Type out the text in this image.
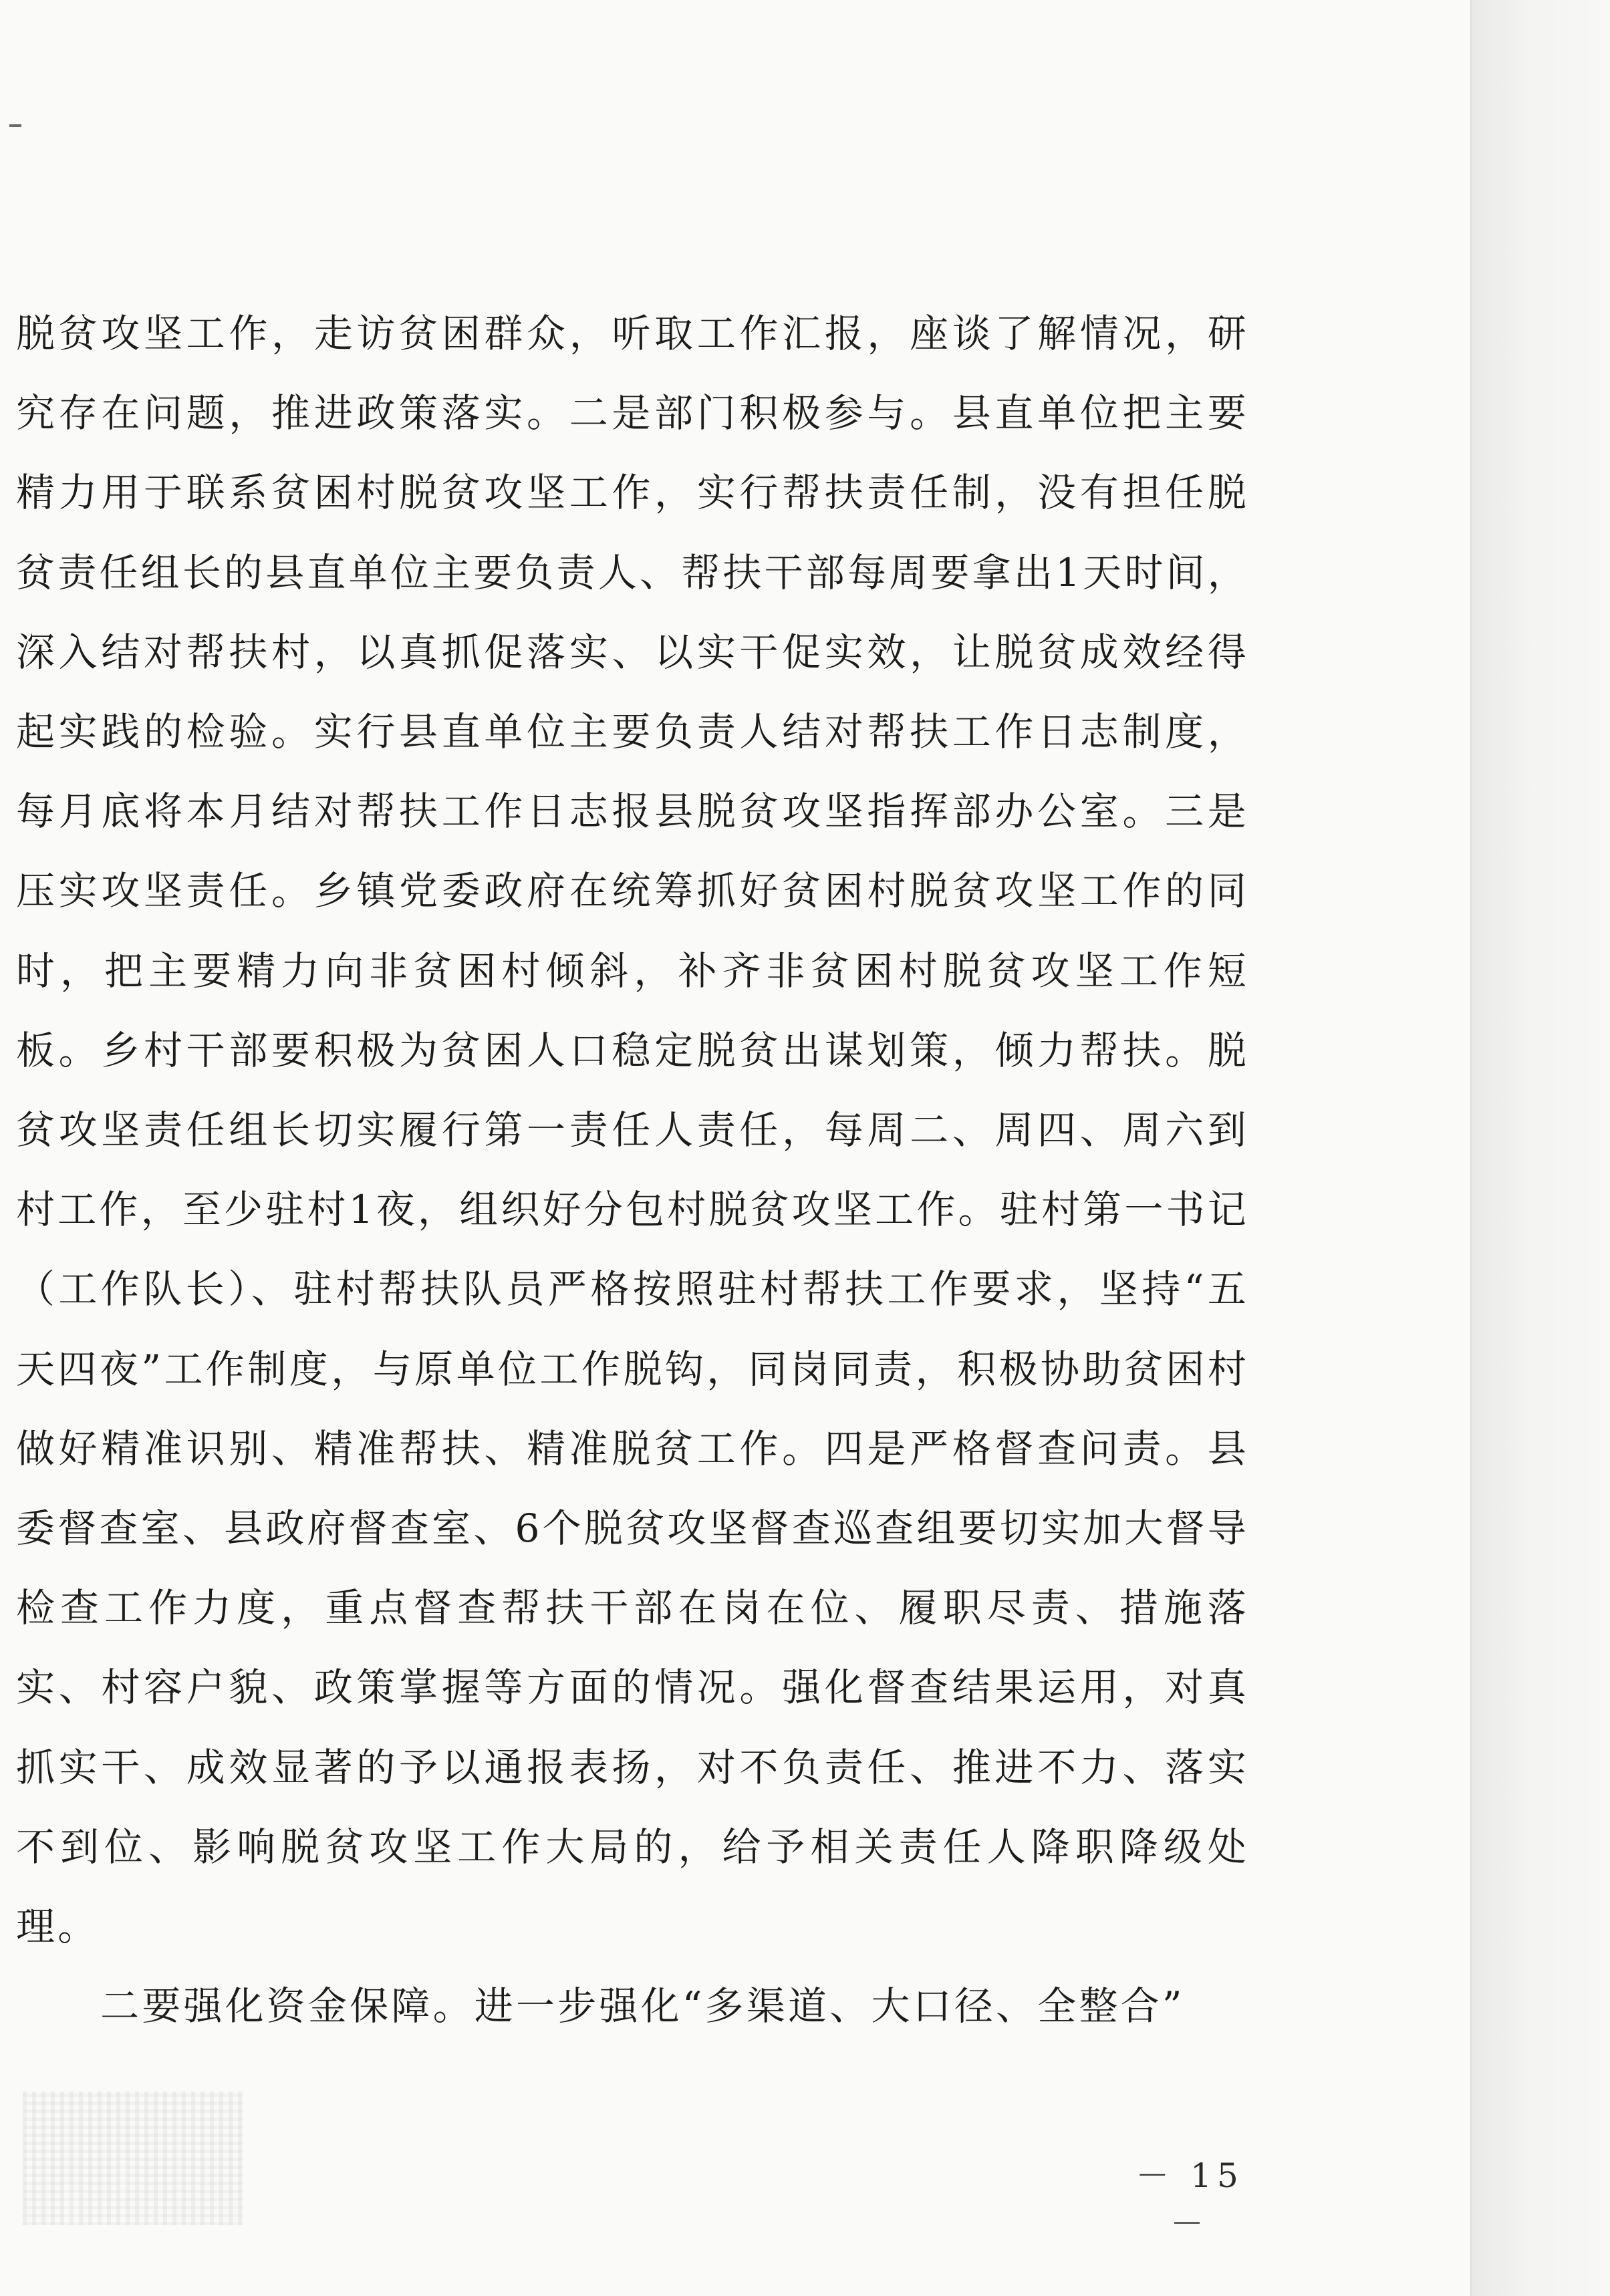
脱贫攻坚工作，走访贫困群众，听取工作汇报，座谈了解情况，研究存在问题，推进政策落实。二是部门积极参与。县直单位把主要精力用于联系贫困村脱贫攻坚工作，实行帮扶责任制，没有担任脱贫责任组长的县直单位主要负责人、帮扶干部每周要拿出1天时间，深入结对帮扶村，以真抓促落实、以实干促实效，让脱贫成效经得起实践的检验。实行县直单位主要负责人结对帮扶工作日志制度，每月底将本月结对帮扶工作日志报县脱贫攻坚指挥部办公室。三是压实攻坚责任。乡镇党委政府在统筹抓好贫困村脱贫攻坚工作的同时，把主要精力向非贫困村倾斜，补齐非贫困村脱贫攻坚工作短板。乡村干部要积极为贫困人口稳定脱贫出谋划策，倾力帮扶。脱贫攻坚责任组长切实履行第一责任人责任，每周二、周四、周六到村工作，至少驻村1夜，组织好分包村脱贫攻坚工作。驻村第一书记（工作队长）、驻村帮扶队员严格按照驻村帮扶工作要求，坚持“五天四夜”工作制度，与原单位工作脱钩，同岗同责，积极协助贫困村做好精准识别、精准帮扶、精准脱贫工作。四是严格督查问责。县委督查室、县政府督查室、6个脱贫攻坚督查巡查组要切实加大督导检查工作力度，重点督查帮扶干部在岗在位、履职尽责、措施落实、村容户貌、政策掌握等方面的情况。强化督查结果运用，对真抓实干、成效显著的予以通报表扬，对不负责任、推进不力、落实不到位、影响脱贫攻坚工作大局的，给予相关责任人降职降级处理。

二要强化资金保障。进一步强化“多渠道、大口径、全整合”

－ 15 －
